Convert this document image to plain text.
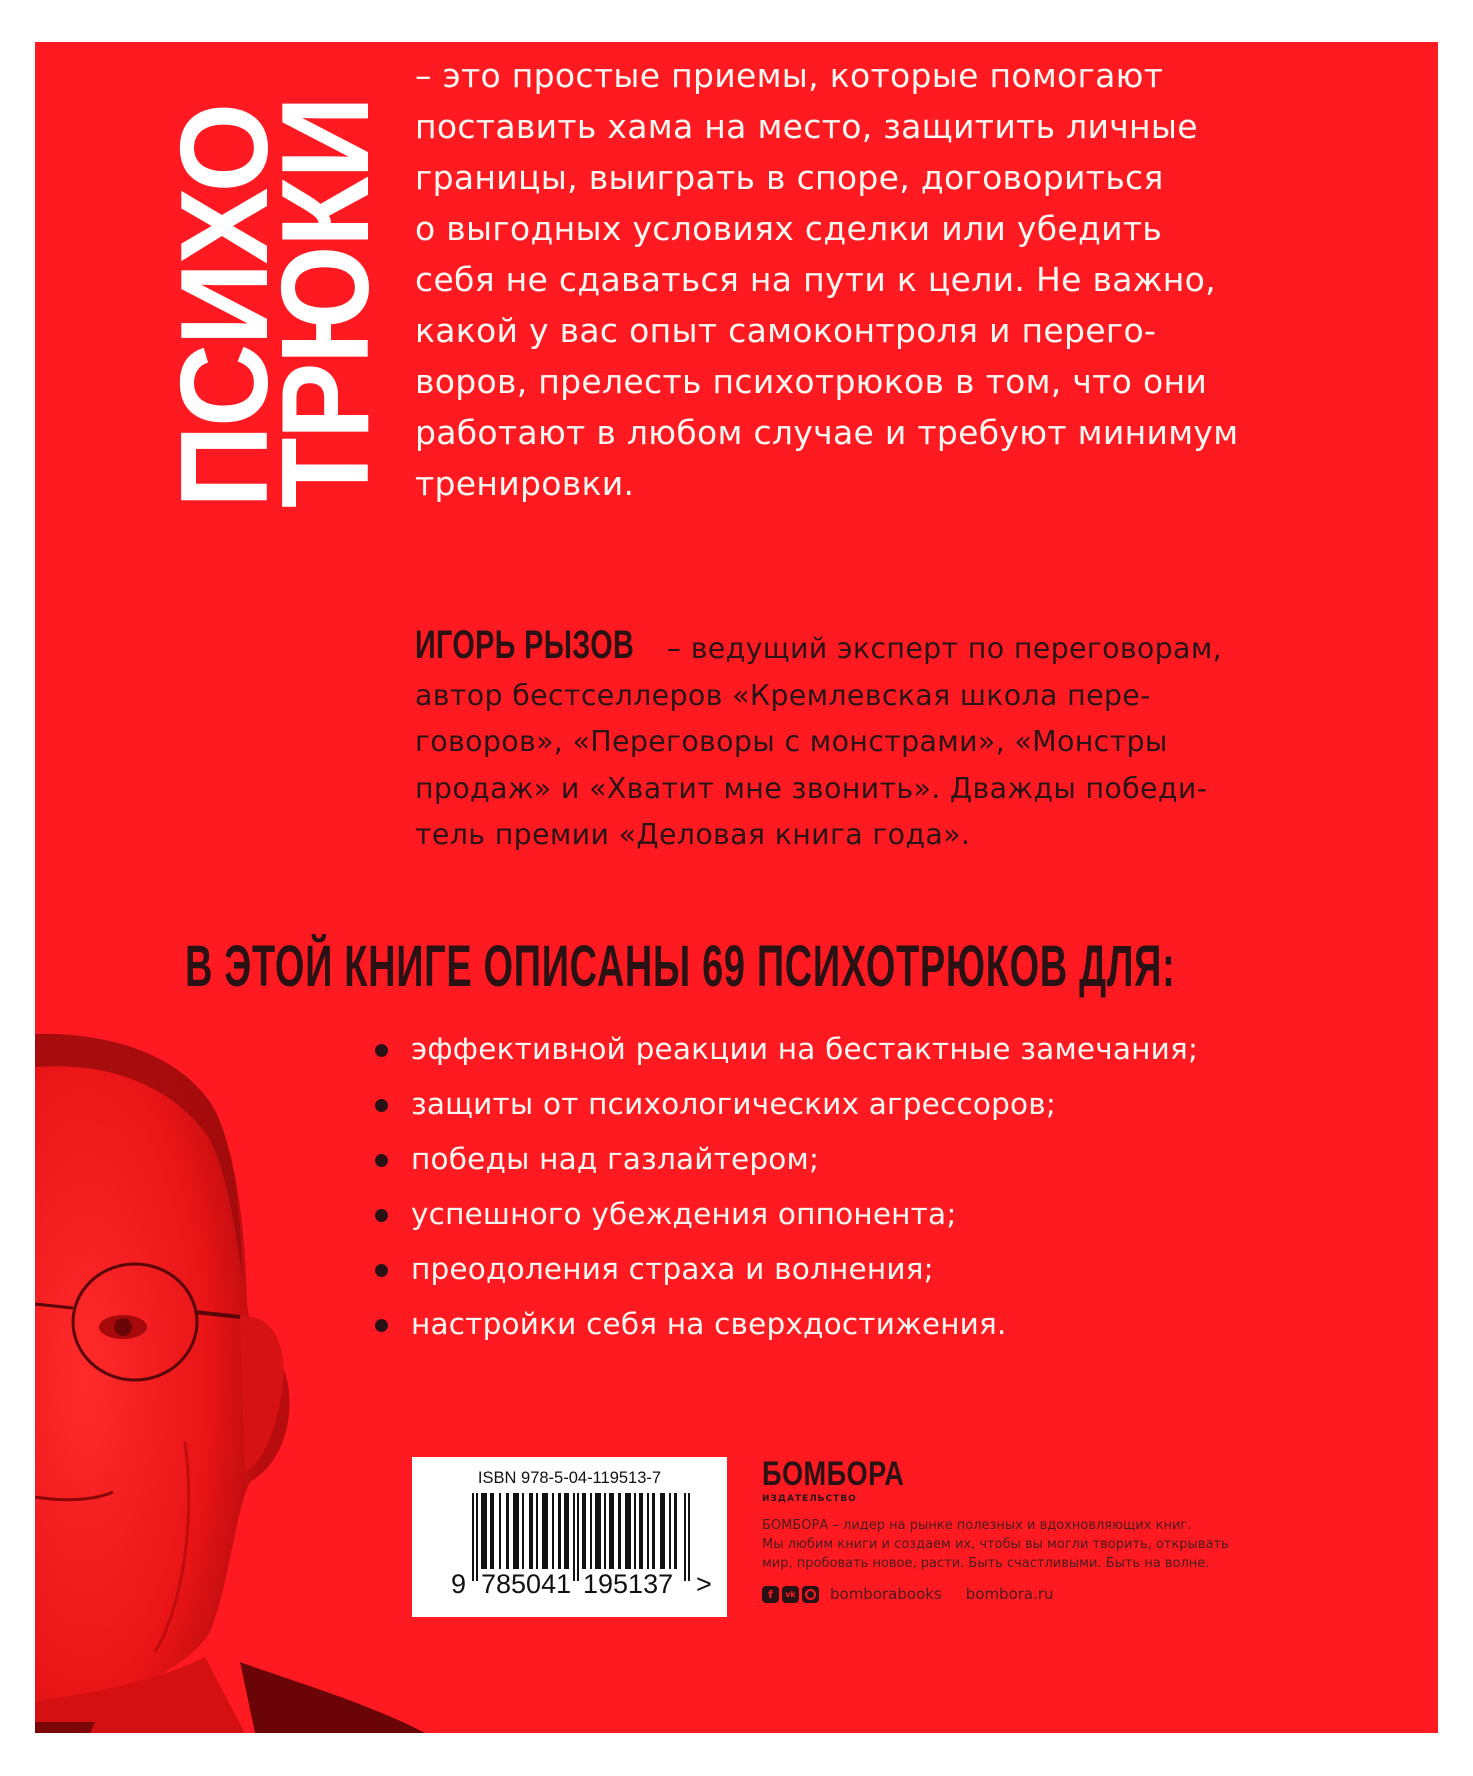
ПСИХО
ТРЮКИ
– это простые приемы, которые помогают
поставить хама на место, защитить личные
границы, выиграть в споре, договориться
о выгодных условиях сделки или убедить
себя не сдаваться на пути к цели. Не важно,
какой у вас опыт самоконтроля и перего-
воров, прелесть психотрюков в том, что они
работают в любом случае и требуют минимум
тренировки.
ИГОРЬ РЫЗОВ – ведущий эксперт по переговорам,
автор бестселлеров «Кремлевская школа пере-
говоров», «Переговоры с монстрами», «Монстры
продаж» и «Хватит мне звонить». Дважды победи-
тель премии «Деловая книга года».
В ЭТОЙ КНИГЕ ОПИСАНЫ 69 ПСИХОТРЮКОВ ДЛЯ:
эффективной реакции на бестактные замечания;
защиты от психологических агрессоров;
победы над газлайтером;
успешного убеждения оппонента;
преодоления страха и волнения;
настройки себя на сверхдостижения.
ISBN 978-5-04-119513-7
9 785041 195137 >
БОМБОРА
ИЗДАТЕЛЬСТВО
БОМБОРА – лидер на рынке полезных и вдохновляющих книг.
Мы любим книги и создаем их, чтобы вы могли творить, открывать
мир, пробовать новое, расти. Быть счастливыми. Быть на волне.
f	vk bomborabooks bombora.ru
